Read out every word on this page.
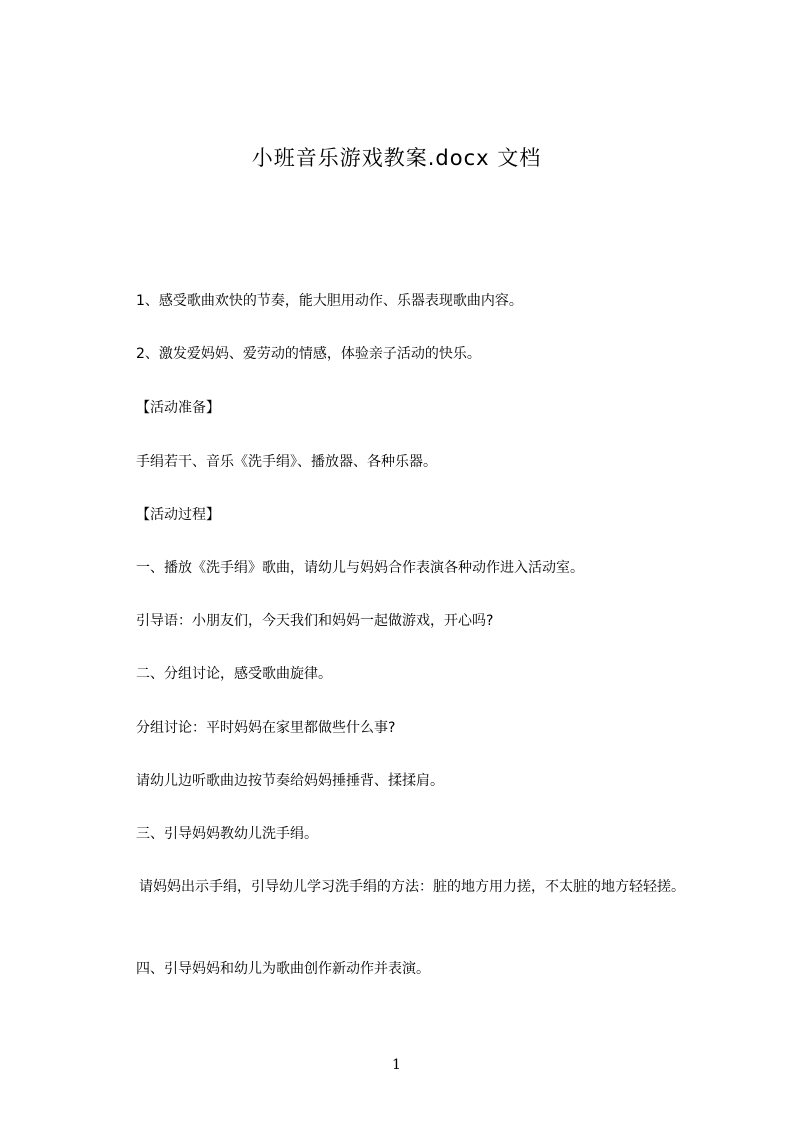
小班音乐游戏教案.docx 文档
1、感受歌曲欢快的节奏，能大胆用动作、乐器表现歌曲内容。
2、激发爱妈妈、爱劳动的情感，体验亲子活动的快乐。
【活动准备】
手绢若干、音乐《洗手绢》、播放器、各种乐器。
【活动过程】
一、播放《洗手绢》歌曲，请幼儿与妈妈合作表演各种动作进入活动室。
引导语：小朋友们，今天我们和妈妈一起做游戏，开心吗?
二、分组讨论，感受歌曲旋律。
分组讨论：平时妈妈在家里都做些什么事?
请幼儿边听歌曲边按节奏给妈妈捶捶背、揉揉肩。
三、引导妈妈教幼儿洗手绢。
请妈妈出示手绢，引导幼儿学习洗手绢的方法：脏的地方用力搓，不太脏的地方轻轻搓。
四、引导妈妈和幼儿为歌曲创作新动作并表演。
1
